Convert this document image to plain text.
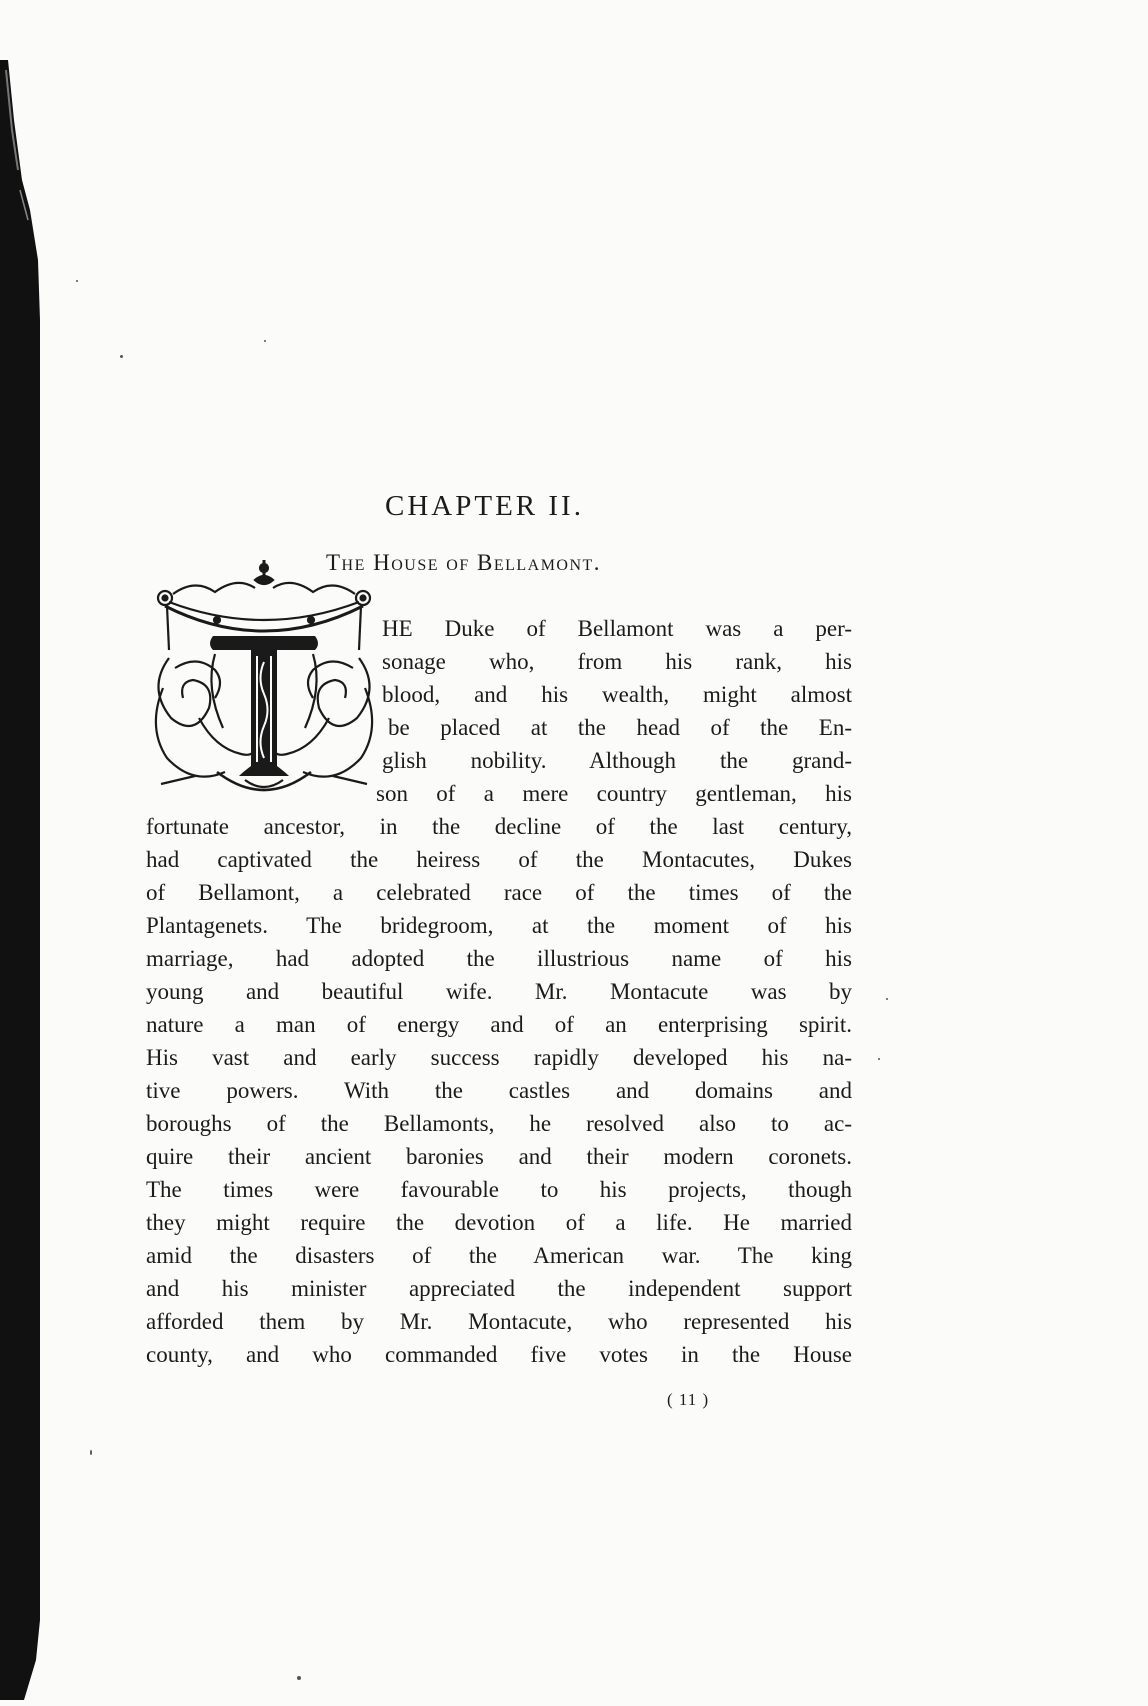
CHAPTER II.
The House of Bellamont.
HE Duke of Bellamont was a per-
sonage who, from his rank, his
blood, and his wealth, might almost
be placed at the head of the En-
glish nobility. Although the grand-
son of a mere country gentleman, his
fortunate ancestor, in the decline of the last century,
had captivated the heiress of the Montacutes, Dukes
of Bellamont, a celebrated race of the times of the
Plantagenets. The bridegroom, at the moment of his
marriage, had adopted the illustrious name of his
young and beautiful wife. Mr. Montacute was by
nature a man of energy and of an enterprising spirit.
His vast and early success rapidly developed his na-
tive powers. With the castles and domains and
boroughs of the Bellamonts, he resolved also to ac-
quire their ancient baronies and their modern coronets.
The times were favourable to his projects, though
they might require the devotion of a life. He married
amid the disasters of the American war. The king
and his minister appreciated the independent support
afforded them by Mr. Montacute, who represented his
county, and who commanded five votes in the House
( 11 )
